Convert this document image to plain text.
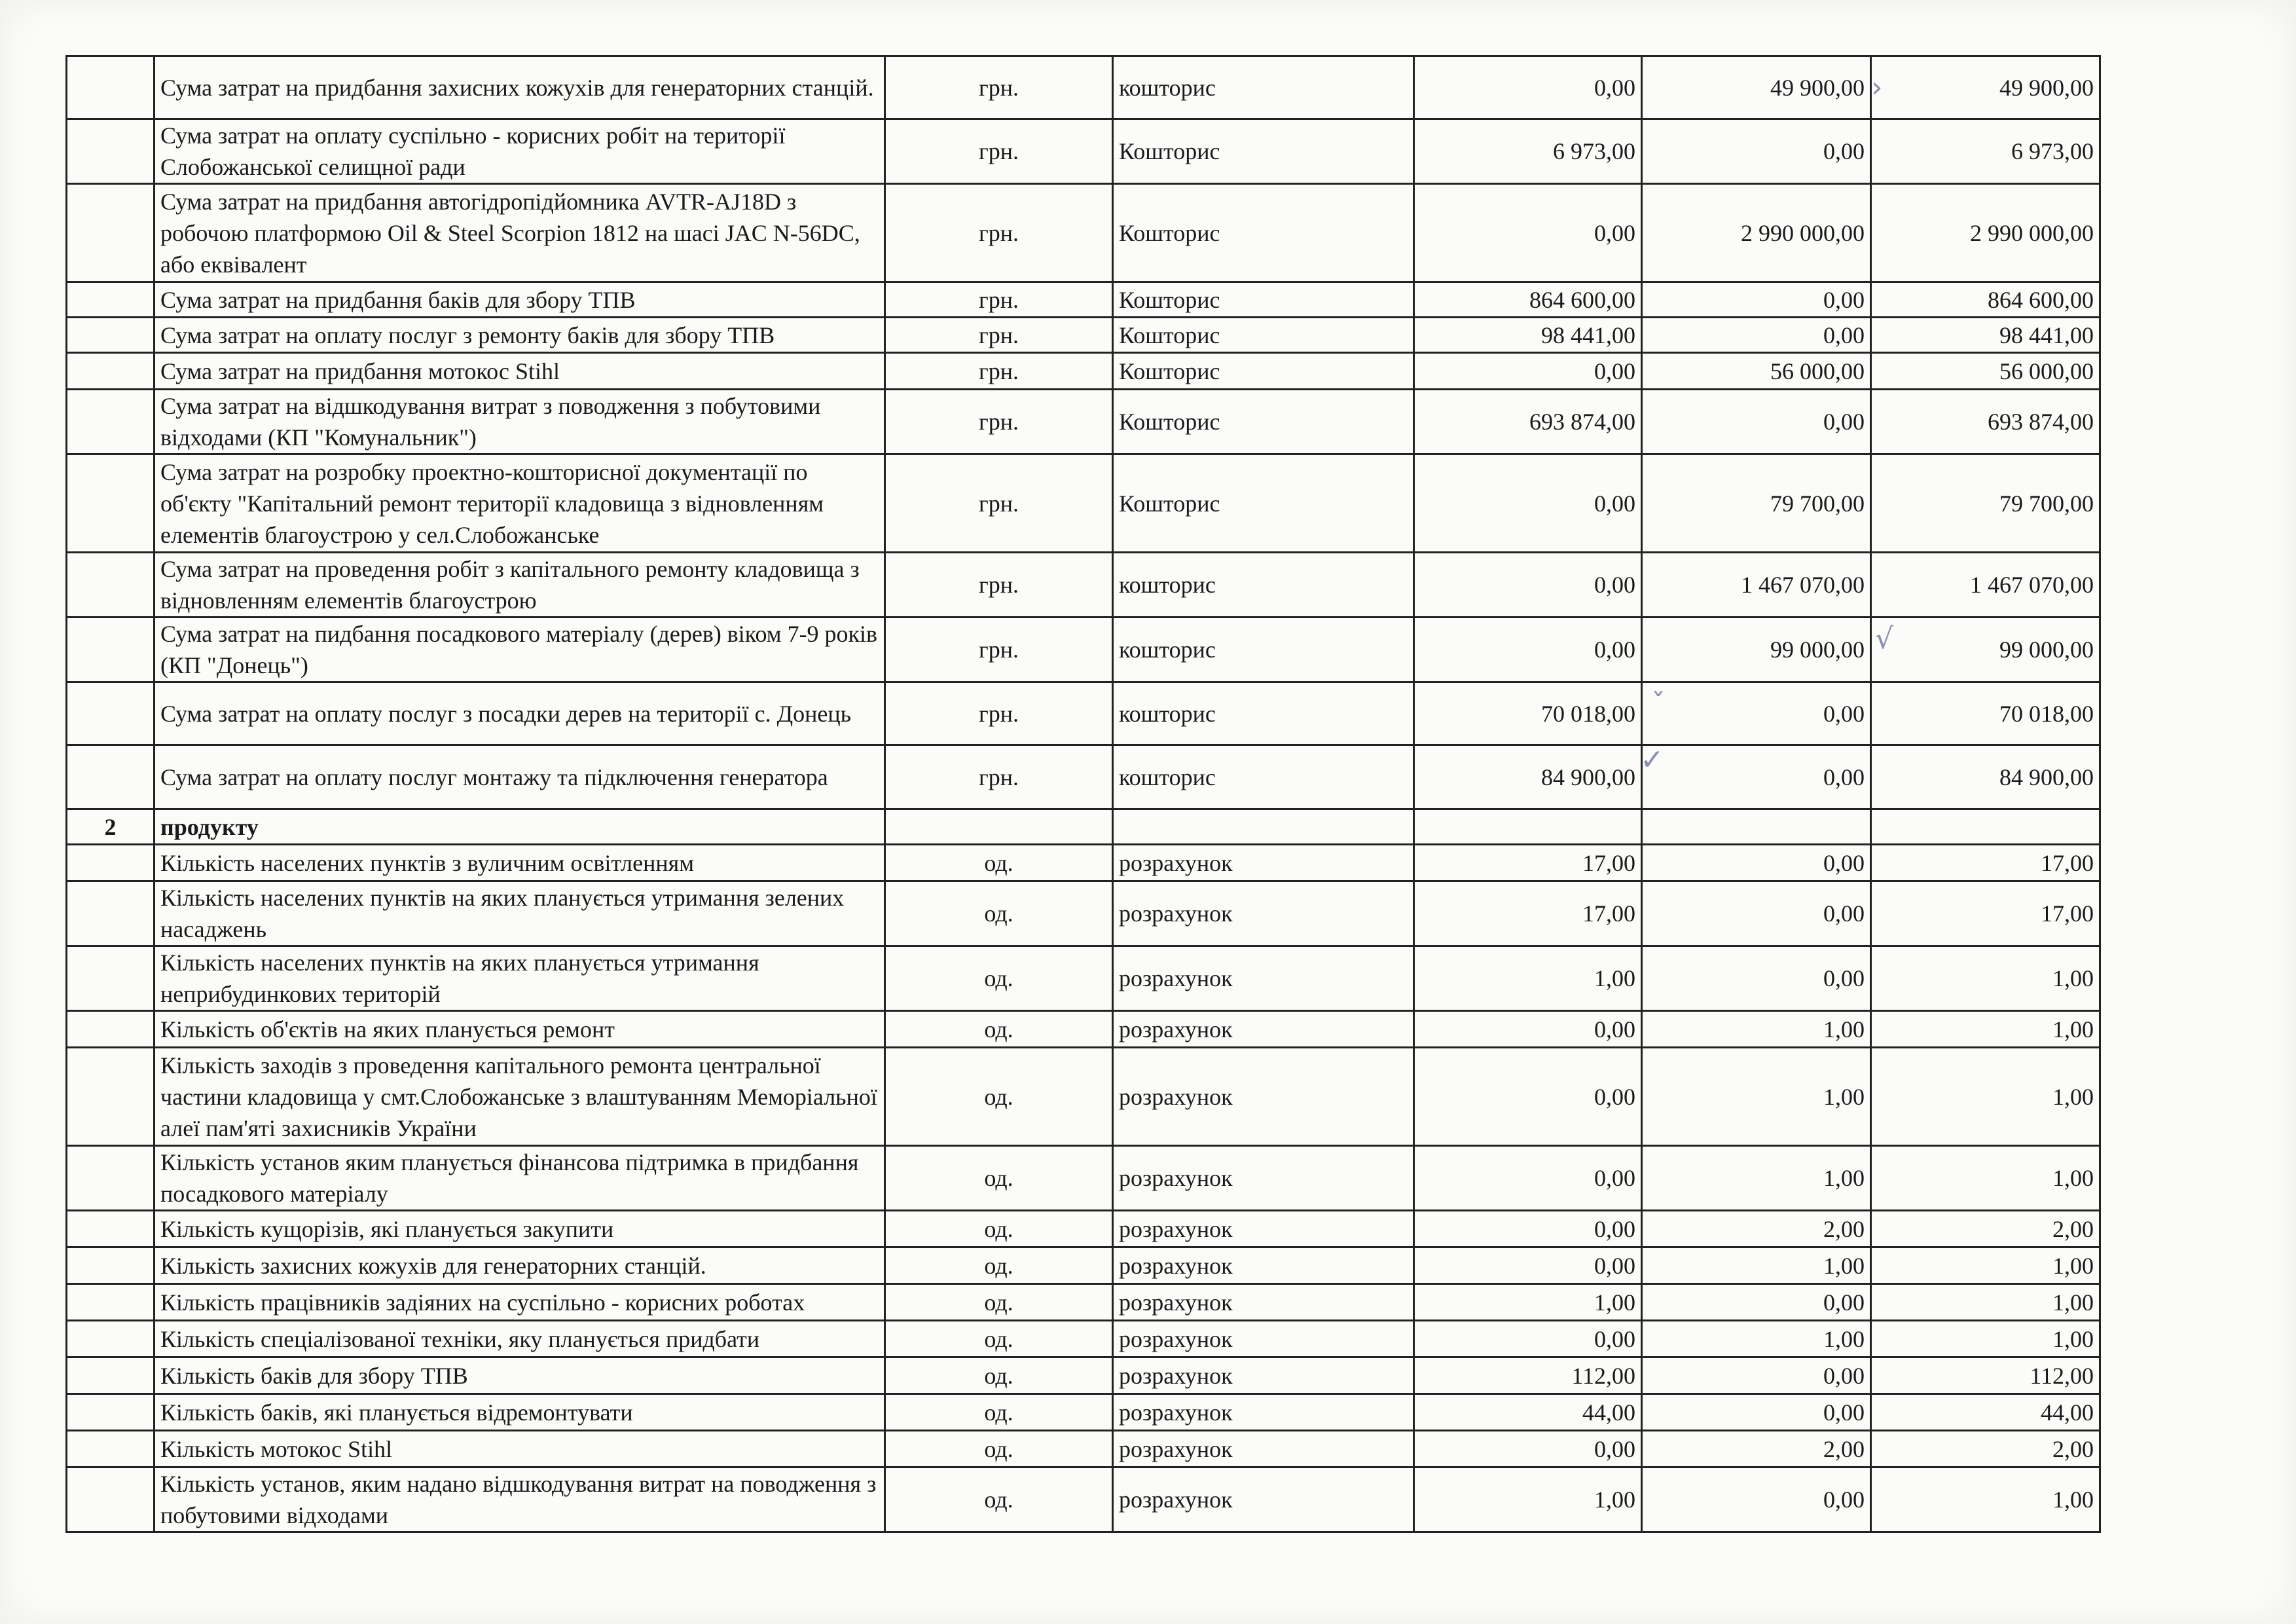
	Сума затрат на придбання захисних кожухів для генераторних станцій.	грн.	кошторис	0,00	49 900,00	49 900,00
	Сума затрат на оплату суспільно - корисних робіт на території Слобожанської селищної ради	грн.	Кошторис	6 973,00	0,00	6 973,00
	Сума затрат на придбання автогідропідйомника AVTR-AJ18D з робочою платформою Oil & Steel Scorpion 1812 на шасі JAC N-56DC, або еквівалент	грн.	Кошторис	0,00	2 990 000,00	2 990 000,00
	Сума затрат на придбання баків для збору ТПВ	грн.	Кошторис	864 600,00	0,00	864 600,00
	Сума затрат на оплату послуг з ремонту баків для збору ТПВ	грн.	Кошторис	98 441,00	0,00	98 441,00
	Сума затрат на придбання мотокос Stihl	грн.	Кошторис	0,00	56 000,00	56 000,00
	Сума затрат на відшкодування витрат з поводження з побутовими відходами (КП "Комунальник")	грн.	Кошторис	693 874,00	0,00	693 874,00
	Сума затрат на розробку проектно-кошторисної документації по об'єкту "Капітальний ремонт території кладовища з відновленням елементів благоустрою у сел.Слобожанське	грн.	Кошторис	0,00	79 700,00	79 700,00
	Сума затрат на проведення робіт з капітального ремонту кладовища з відновленням елементів благоустрою	грн.	кошторис	0,00	1 467 070,00	1 467 070,00
	Сума затрат на пидбання посадкового матеріалу (дерев) віком 7-9 років (КП "Донець")	грн.	кошторис	0,00	99 000,00	99 000,00
	Сума затрат на оплату послуг з посадки дерев на території с. Донець	грн.	кошторис	70 018,00	0,00	70 018,00
	Сума затрат на оплату послуг монтажу та підключення генератора	грн.	кошторис	84 900,00	0,00	84 900,00
2	продукту					
	Кількість населених пунктів з вуличним освітленням	од.	розрахунок	17,00	0,00	17,00
	Кількість населених пунктів на яких планується утримання зелених насаджень	од.	розрахунок	17,00	0,00	17,00
	Кількість населених пунктів на яких планується утримання неприбудинкових територій	од.	розрахунок	1,00	0,00	1,00
	Кількість об'єктів на яких планується ремонт	од.	розрахунок	0,00	1,00	1,00
	Кількість заходів з проведення капітального ремонта центральної частини кладовища у смт.Слобожанське з влаштуванням Меморіальної алеї пам'яті захисників України	од.	розрахунок	0,00	1,00	1,00
	Кількість установ яким планується фінансова підтримка в придбання посадкового матеріалу	од.	розрахунок	0,00	1,00	1,00
	Кількість кущорізів, які планується закупити	од.	розрахунок	0,00	2,00	2,00
	Кількість захисних кожухів для генераторних станцій.	од.	розрахунок	0,00	1,00	1,00
	Кількість працівників задіяних на суспільно - корисних роботах	од.	розрахунок	1,00	0,00	1,00
	Кількість спеціалізованої техніки, яку планується придбати	од.	розрахунок	0,00	1,00	1,00
	Кількість баків для збору ТПВ	од.	розрахунок	112,00	0,00	112,00
	Кількість баків, які планується відремонтувати	од.	розрахунок	44,00	0,00	44,00
	Кількість мотокос Stihl	од.	розрахунок	0,00	2,00	2,00
	Кількість установ, яким надано відшкодування витрат на поводження з побутовими відходами	од.	розрахунок	1,00	0,00	1,00
›
√
ˇ
✓
